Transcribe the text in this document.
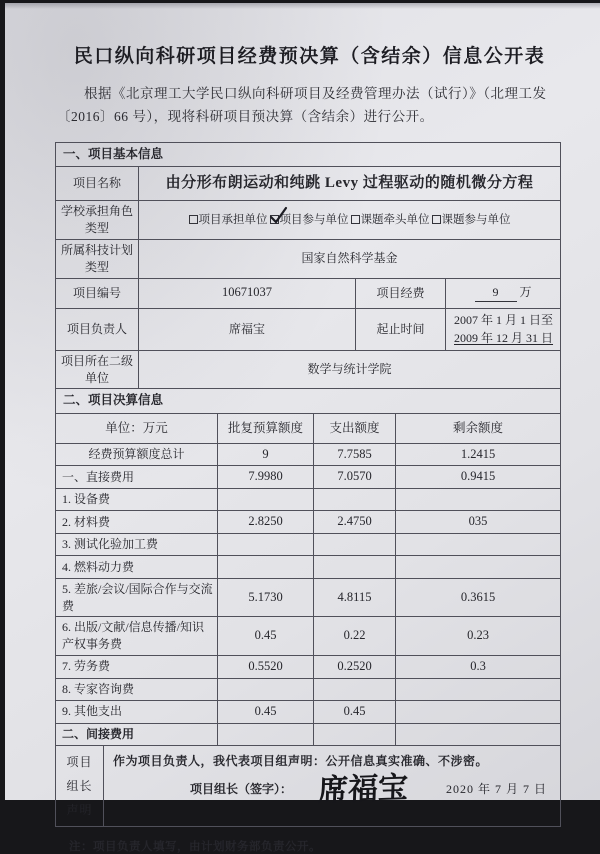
民口纵向科研项目经费预决算（含结余）信息公开表

根据《北京理工大学民口纵向科研项目及经费管理办法（试行）》（北理工发〔2016〕66 号），现将科研项目预决算（含结余）进行公开。

一、项目基本信息			
项目名称	由分形布朗运动和纯跳 Levy 过程驱动的随机微分方程		
学校承担角色类型	项目承担单位 项目参与单位 课题牵头单位 课题参与单位		
所属科技计划类型	国家自然科学基金		
项目编号	10671037	项目经费	9 万
项目负责人	席福宝	起止时间	2007 年 1 月 1 日至
2009 年 12 月 31 日
项目所在二级单位	数学与统计学院		
二、项目决算信息			
单位：万元	批复预算额度	支出额度	剩余额度
经费预算额度总计	9	7.7585	1.2415
一、直接费用	7.9980	7.0570	0.9415
1. 设备费			
2. 材料费	2.8250	2.4750	035
3. 测试化验加工费			
4. 燃料动力费			
5. 差旅/会议/国际合作与交流费	5.1730	4.8115	0.3615
6. 出版/文献/信息传播/知识产权事务费	0.45	0.22	0.23
7. 劳务费	0.5520	0.2520	0.3
8. 专家咨询费			
9. 其他支出	0.45	0.45	
二、间接费用			
项目组长声明	
作为项目负责人，我代表项目组声明：公开信息真实准确、不涉密。
项目组长（签字）： 席福宝	2020 年 7 月 7 日

注：项目负责人填写，由计划财务部负责公开。
